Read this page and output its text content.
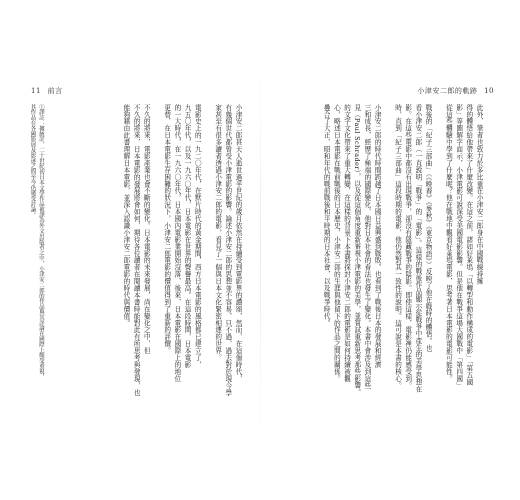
11 前言	小津安二郎的軌跡 10
此外，筆者也致力於多比重在小津安二郎身在中國戰線持擁
得的體悟給他帶來了什麼改變。在這之前，諸如好萊塢「以轉型和動作構成的電影」「第五國
影」等圖解字面示，小津電影可說深受美國電影影響。但是他在戰爭這場大國戰中「第四國」
從這些體驗中學到了什麼呢？他在戰地中觀看好萊塢電影，思考著日本電影的電影可能性。
戰後的「紀子三部曲」（《晚春》《麥秋》《東京物語》）反映了他在戰時的體悟。也
看小津安二郎（一直說明「戰爭」的「電影」。這樣的戰後作品顯示從戰爭中產生的美學思想在
影。在這些電影中都沒有出現戰爭，卻沒有隱藏戰爭的陰影。即使這樣，電影裡仍能感受到。
時，直到「紀子三部曲」這段時期的電影，他仍然對其一致性的說明。這可說是本書的核心。
小津安二郎的時代時間跨越了日本國日益興盛到戰敗。也看到了戰後日本的發展和經濟
三和成長，經歷了極端的國際變化，他對日本社會的看法也發生了變化。本書中會涉及到這些
見（Paul Schrader），以及從這個角度重新審視小津電影的美學，並嘗試重新思考那些影響。
的文字文化帶來了重大轉變，在這樣的背景下本書將探討小津安二郎的電影是如何持續被觀
心，略述日本電影在戰前戰後的日本歷史，小津安二郎的生涯與他留下的作品之間的關係。
疊合了大正、昭和年代的戰前戰後和平時期的日本社會，以及戰爭時代。
小津安二郎甚天人逝世過半世紀的歲月依然在持續受到電影界的讚頌，然而，在這個時代，
有幾個世代都曾受小津電影的影響。論述小津安二郎的思想並不容易，只不過，過去對於現今學
家甚至有很多讀者透過小津安二郎的電影，看見了一個與日本文化緊密相連的世界。
電影史上的一九二〇年代，在默片時代的黃金期間，西方日本電影的風格都已建立了，
九五〇年代，以及一九六〇年代，日本電影在世界的聲譽最高。在這段時間，日本電影
的一大時代，在一九六〇年代，日本國內電影業開始沒落，後來，日本電影在國際上的地位
更替，在日本電影生存困難的狀況下，小津安二郎電影的價值得到了重新的評價。
不久的將來，電影產業也會不斷的變化。日本電影的未來發展，尚在變化之中，但
不久的將來，日本電影的發展將會如何，期待各位讀者在閱讀本書時能對此有所思考與發現，也
能夠藉由此書理解日本電影，並深入認識小津安二郎電影的時代與價值。
①譯註：據統計，二十世紀初日本文學作品被譯為外文出版者之中，小津安二郎的作品與其評論在國際上頗受重視，
其作品在各國影展及影迷之間至今仍廣受討論。
